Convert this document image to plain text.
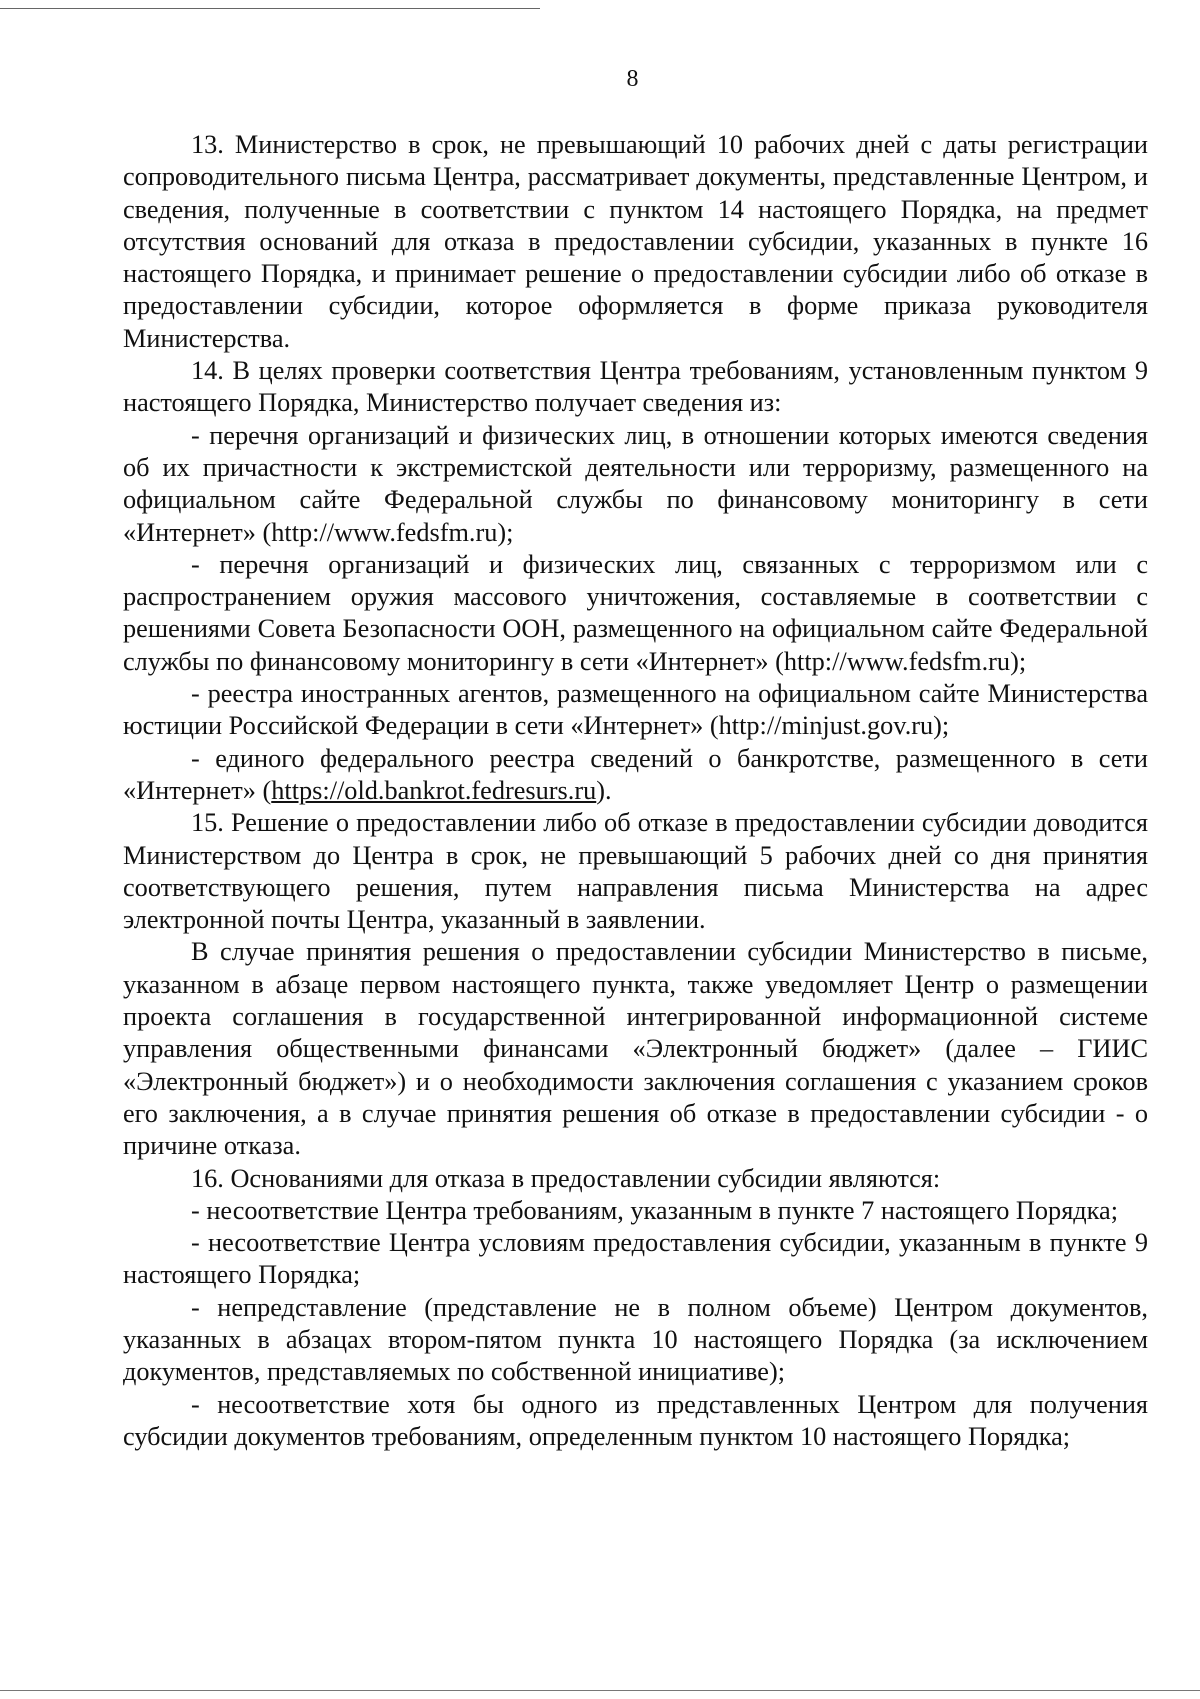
8

13. Министерство в срок, не превышающий 10 рабочих дней с даты регистрации сопроводительного письма Центра, рассматривает документы, представленные Центром, и сведения, полученные в соответствии с пунктом 14 настоящего Порядка, на предмет отсутствия оснований для отказа в предоставлении субсидии, указанных в пункте 16 настоящего Порядка, и принимает решение о предоставлении субсидии либо об отказе в предоставлении субсидии, которое оформляется в форме приказа руководителя Министерства.

14. В целях проверки соответствия Центра требованиям, установленным пунктом 9 настоящего Порядка, Министерство получает сведения из:

- перечня организаций и физических лиц, в отношении которых имеются сведения об их причастности к экстремистской деятельности или терроризму, размещенного на официальном сайте Федеральной службы по финансовому мониторингу в сети «Интернет» (http://www.fedsfm.ru);

- перечня организаций и физических лиц, связанных с терроризмом или с распространением оружия массового уничтожения, составляемые в соответствии с решениями Совета Безопасности ООН, размещенного на официальном сайте Федеральной службы по финансовому мониторингу в сети «Интернет» (http://www.fedsfm.ru);

- реестра иностранных агентов, размещенного на официальном сайте Министерства юстиции Российской Федерации в сети «Интернет» (http://minjust.gov.ru);

- единого федерального реестра сведений о банкротстве, размещенного в сети «Интернет» (https://old.bankrot.fedresurs.ru).

15. Решение о предоставлении либо об отказе в предоставлении субсидии доводится Министерством до Центра в срок, не превышающий 5 рабочих дней со дня принятия соответствующего решения, путем направления письма Министерства на адрес электронной почты Центра, указанный в заявлении.

В случае принятия решения о предоставлении субсидии Министерство в письме, указанном в абзаце первом настоящего пункта, также уведомляет Центр о размещении проекта соглашения в государственной интегрированной информационной системе управления общественными финансами «Электронный бюджет» (далее – ГИИС «Электронный бюджет») и о необходимости заключения соглашения с указанием сроков его заключения, а в случае принятия решения об отказе в предоставлении субсидии - о причине отказа.

16. Основаниями для отказа в предоставлении субсидии являются:

- несоответствие Центра требованиям, указанным в пункте 7 настоящего Порядка;

- несоответствие Центра условиям предоставления субсидии, указанным в пункте 9 настоящего Порядка;

- непредставление (представление не в полном объеме) Центром документов, указанных в абзацах втором-пятом пункта 10 настоящего Порядка (за исключением документов, представляемых по собственной инициативе);

- несоответствие хотя бы одного из представленных Центром для получения субсидии документов требованиям, определенным пунктом 10 настоящего Порядка;
